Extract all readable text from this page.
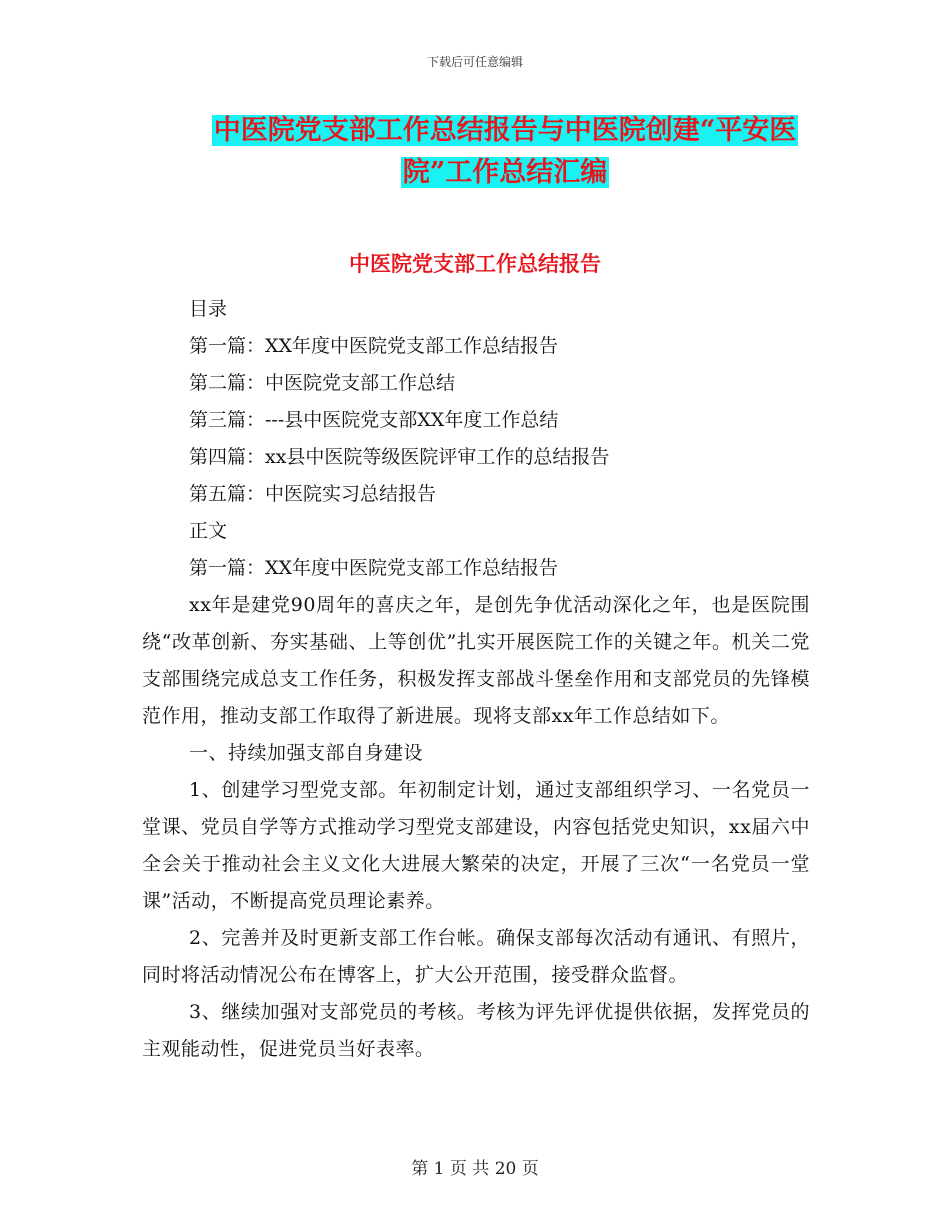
下载后可任意编辑
中医院党支部工作总结报告与中医院创建“平安医
院”工作总结汇编
中医院党支部工作总结报告

目录

第一篇：XX年度中医院党支部工作总结报告

第二篇：中医院党支部工作总结

第三篇：---县中医院党支部XX年度工作总结

第四篇：xx县中医院等级医院评审工作的总结报告

第五篇：中医院实习总结报告

正文

第一篇：XX年度中医院党支部工作总结报告

xx年是建党90周年的喜庆之年，是创先争优活动深化之年，也是医院围绕“改革创新、夯实基础、上等创优”扎实开展医院工作的关键之年。机关二党支部围绕完成总支工作任务，积极发挥支部战斗堡垒作用和支部党员的先锋模范作用，推动支部工作取得了新进展。现将支部xx年工作总结如下。

一、持续加强支部自身建设

1、创建学习型党支部。年初制定计划，通过支部组织学习、一名党员一堂课、党员自学等方式推动学习型党支部建设，内容包括党史知识，xx届六中全会关于推动社会主义文化大进展大繁荣的决定，开展了三次“一名党员一堂课”活动，不断提高党员理论素养。

2、完善并及时更新支部工作台帐。确保支部每次活动有通讯、有照片，同时将活动情况公布在博客上，扩大公开范围，接受群众监督。

3、继续加强对支部党员的考核。考核为评先评优提供依据，发挥党员的主观能动性，促进党员当好表率。

第 1 页 共 20 页
